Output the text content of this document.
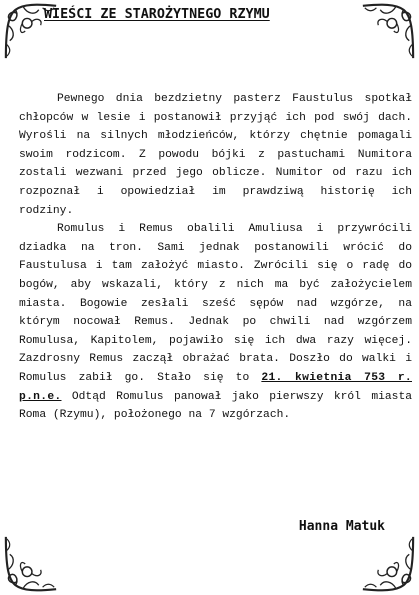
WIEŚCI ZE STAROŻYTNEGO RZYMU

Pewnego dnia bezdzietny pasterz Faustulus spotkał chłopców w lesie i postanowił przyjąć ich pod swój dach. Wyrośli na silnych młodzieńców, którzy chętnie pomagali swoim rodzicom. Z powodu bójki z pastuchami Numitora zostali wezwani przed jego oblicze. Numitor od razu ich rozpoznał i opowiedział im prawdziwą historię ich rodziny.

Romulus i Remus obalili Amuliusa i przywrócili dziadka na tron. Sami jednak postanowili wrócić do Faustulusa i tam założyć miasto. Zwrócili się o radę do bogów, aby wskazali, który z nich ma być założycielem miasta. Bogowie zesłali sześć sępów nad wzgórze, na którym nocował Remus. Jednak po chwili nad wzgórzem Romulusa, Kapitolem, pojawiło się ich dwa razy więcej. Zazdrosny Remus zaczął obrażać brata. Doszło do walki i Romulus zabił go. Stało się to 21. kwietnia 753 r. p.n.e. Odtąd Romulus panował jako pierwszy król miasta Roma (Rzymu), położonego na 7 wzgórzach.

Hanna Matuk
